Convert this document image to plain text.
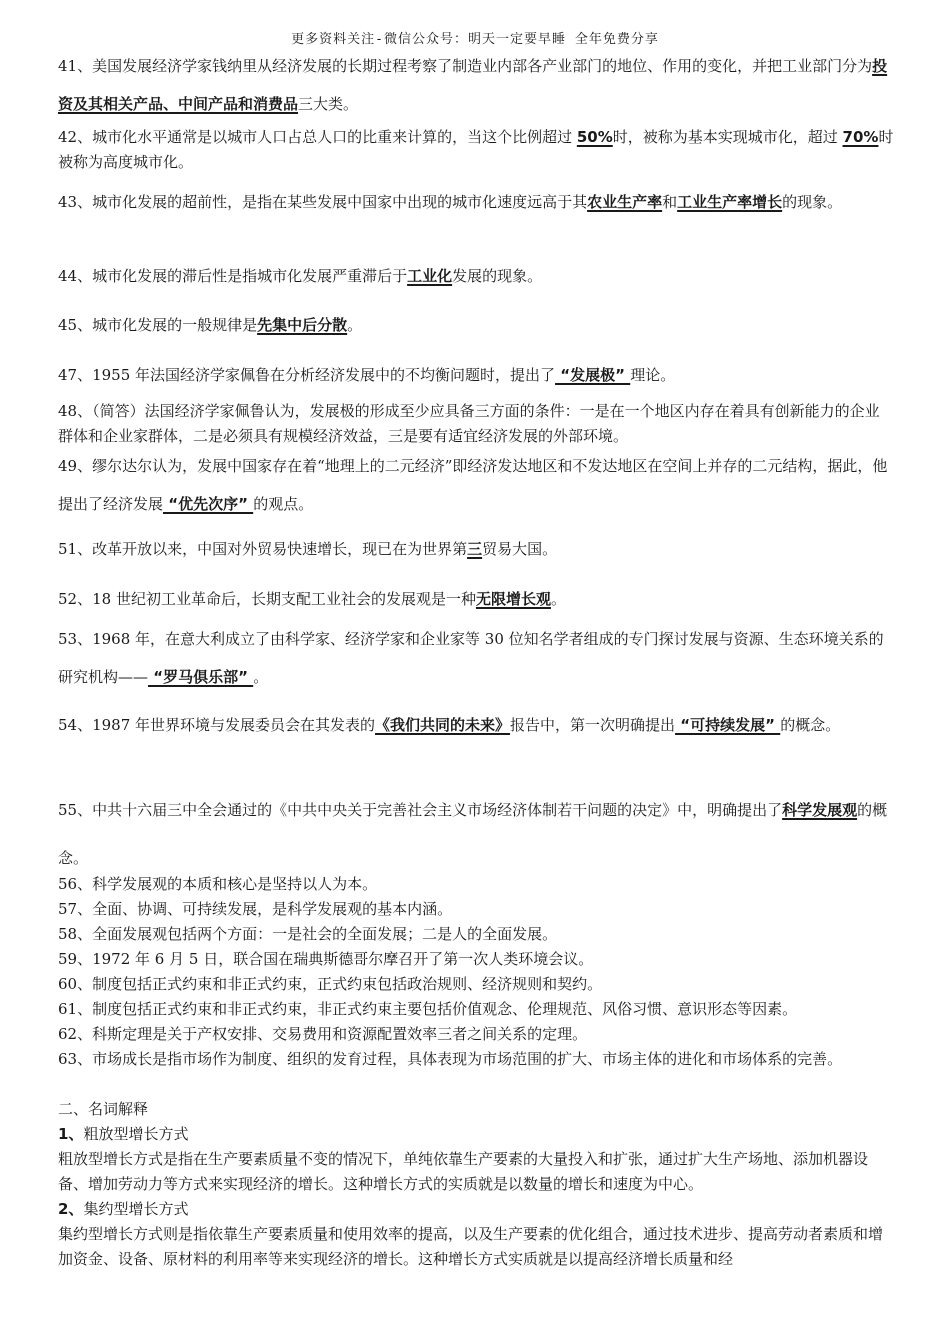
更多资料关注-微信公众号：明天一定要早睡 全年免费分享

41、美国发展经济学家钱纳里从经济发展的长期过程考察了制造业内部各产业部门的地位、作用的变化，并把工业部门分为投资及其相关产品、中间产品和消费品三大类。

42、城市化水平通常是以城市人口占总人口的比重来计算的，当这个比例超过 50%时，被称为基本实现城市化，超过 70%时被称为高度城市化。

43、城市化发展的超前性，是指在某些发展中国家中出现的城市化速度远高于其农业生产率和工业生产率增长的现象。

44、城市化发展的滞后性是指城市化发展严重滞后于工业化发展的现象。

45、城市化发展的一般规律是先集中后分散。

47、1955 年法国经济学家佩鲁在分析经济发展中的不均衡问题时，提出了 “发展极” 理论。

48、（简答）法国经济学家佩鲁认为，发展极的形成至少应具备三方面的条件：一是在一个地区内存在着具有创新能力的企业群体和企业家群体，二是必须具有规模经济效益，三是要有适宜经济发展的外部环境。

49、缪尔达尔认为，发展中国家存在着“地理上的二元经济”即经济发达地区和不发达地区在空间上并存的二元结构，据此，他提出了经济发展 “优先次序” 的观点。

51、改革开放以来，中国对外贸易快速增长，现已在为世界第三贸易大国。

52、18 世纪初工业革命后，长期支配工业社会的发展观是一种无限增长观。

53、1968 年，在意大利成立了由科学家、经济学家和企业家等 30 位知名学者组成的专门探讨发展与资源、生态环境关系的研究机构—— “罗马俱乐部” 。

54、1987 年世界环境与发展委员会在其发表的《我们共同的未来》报告中，第一次明确提出 “可持续发展” 的概念。

55、中共十六届三中全会通过的《中共中央关于完善社会主义市场经济体制若干问题的决定》中，明确提出了科学发展观的概念。

56、科学发展观的本质和核心是坚持以人为本。

57、全面、协调、可持续发展，是科学发展观的基本内涵。

58、全面发展观包括两个方面：一是社会的全面发展；二是人的全面发展。

59、1972 年 6 月 5 日，联合国在瑞典斯德哥尔摩召开了第一次人类环境会议。

60、制度包括正式约束和非正式约束，正式约束包括政治规则、经济规则和契约。

61、制度包括正式约束和非正式约束，非正式约束主要包括价值观念、伦理规范、风俗习惯、意识形态等因素。

62、科斯定理是关于产权安排、交易费用和资源配置效率三者之间关系的定理。

63、市场成长是指市场作为制度、组织的发育过程，具体表现为市场范围的扩大、市场主体的进化和市场体系的完善。

二、名词解释

1、粗放型增长方式

粗放型增长方式是指在生产要素质量不变的情况下，单纯依靠生产要素的大量投入和扩张，通过扩大生产场地、添加机器设备、增加劳动力等方式来实现经济的增长。这种增长方式的实质就是以数量的增长和速度为中心。

2、集约型增长方式

集约型增长方式则是指依靠生产要素质量和使用效率的提高，以及生产要素的优化组合，通过技术进步、提高劳动者素质和增加资金、设备、原材料的利用率等来实现经济的增长。这种增长方式实质就是以提高经济增长质量和经
